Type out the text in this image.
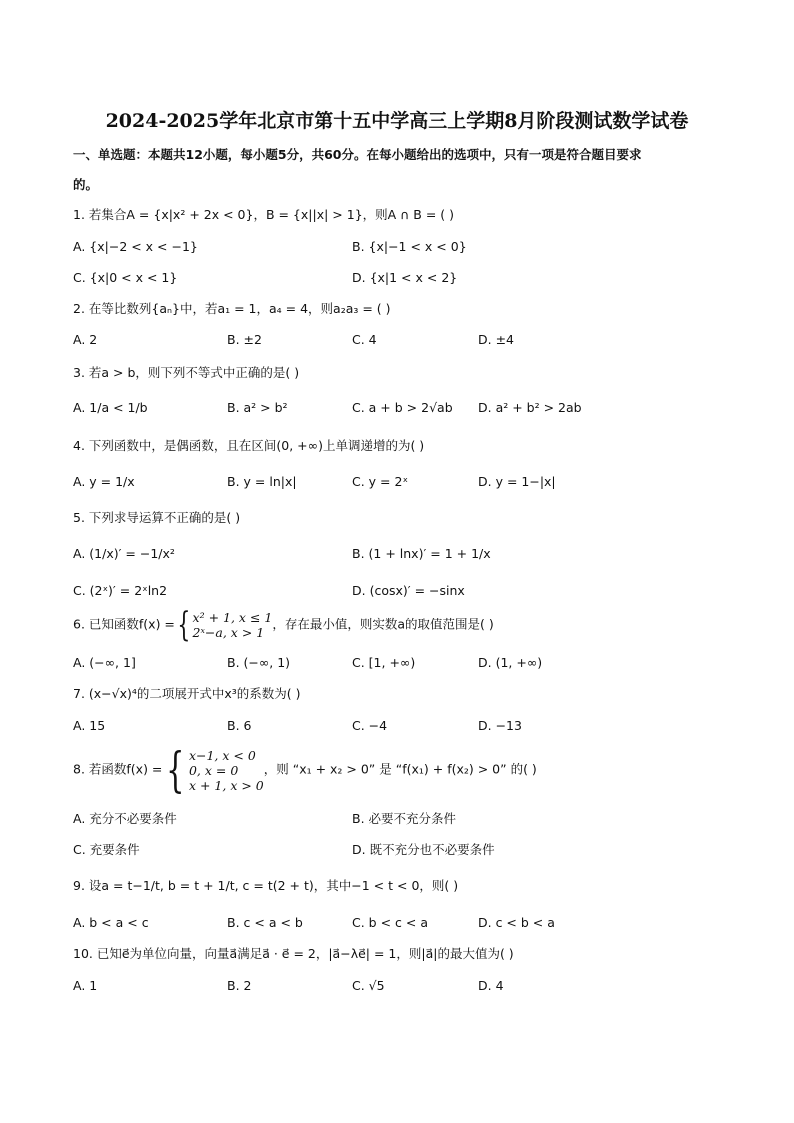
2024-2025学年北京市第十五中学高三上学期8月阶段测试数学试卷
一、单选题：本题共12小题，每小题5分，共60分。在每小题给出的选项中，只有一项是符合题目要求
的。
1. 若集合A = {x|x² + 2x < 0}，B = {x||x| > 1}，则A ∩ B = ( )
A. {x|−2 < x < −1}	B. {x|−1 < x < 0}
C. {x|0 < x < 1}	D. {x|1 < x < 2}
2. 在等比数列{aₙ}中，若a₁ = 1，a₄ = 4，则a₂a₃ = ( )
A. 2	B. ±2	C. 4	D. ±4
3. 若a > b，则下列不等式中正确的是( )
A. 1/a < 1/b	B. a² > b²	C. a + b > 2√ab D. a² + b² > 2ab
4. 下列函数中，是偶函数，且在区间(0, +∞)上单调递增的为( )
A. y = 1/x	B. y = ln|x|	C. y = 2ˣ	D. y = 1−|x|
5. 下列求导运算不正确的是( )
A. (1/x)′ = −1/x²	B. (1 + lnx)′ = 1 + 1/x
C. (2ˣ)′ = 2ˣln2	D. (cosx)′ = −sinx
6. 已知函数f(x) ={ x² + 1, x ≤ 1
2ˣ−a, x > 1
，存在最小值，则实数a的取值范围是( )
A. (−∞, 1]	B. (−∞, 1)	C. [1, +∞)	D. (1, +∞)
7. (x−√x)⁴的二项展开式中x³的系数为( )
A. 15	B. 6	C. −4	D. −13
8. 若函数f(x) ={ x−1, x < 0
0, x = 0
x + 1, x > 0
，则 “x₁ + x₂ > 0” 是 “f(x₁) + f(x₂) > 0” 的( )
A. 充分不必要条件	B. 必要不充分条件
C. 充要条件	D. 既不充分也不必要条件
9. 设a = t−1/t, b = t + 1/t, c = t(2 + t)，其中−1 < t < 0，则( )
A. b < a < c	B. c < a < b	C. b < c < a	D. c < b < a
10. 已知e⃗为单位向量，向量a⃗满足a⃗ · e⃗ = 2，|a⃗−λe⃗| = 1，则|a⃗|的最大值为( )
A. 1	B. 2	C. √5	D. 4
